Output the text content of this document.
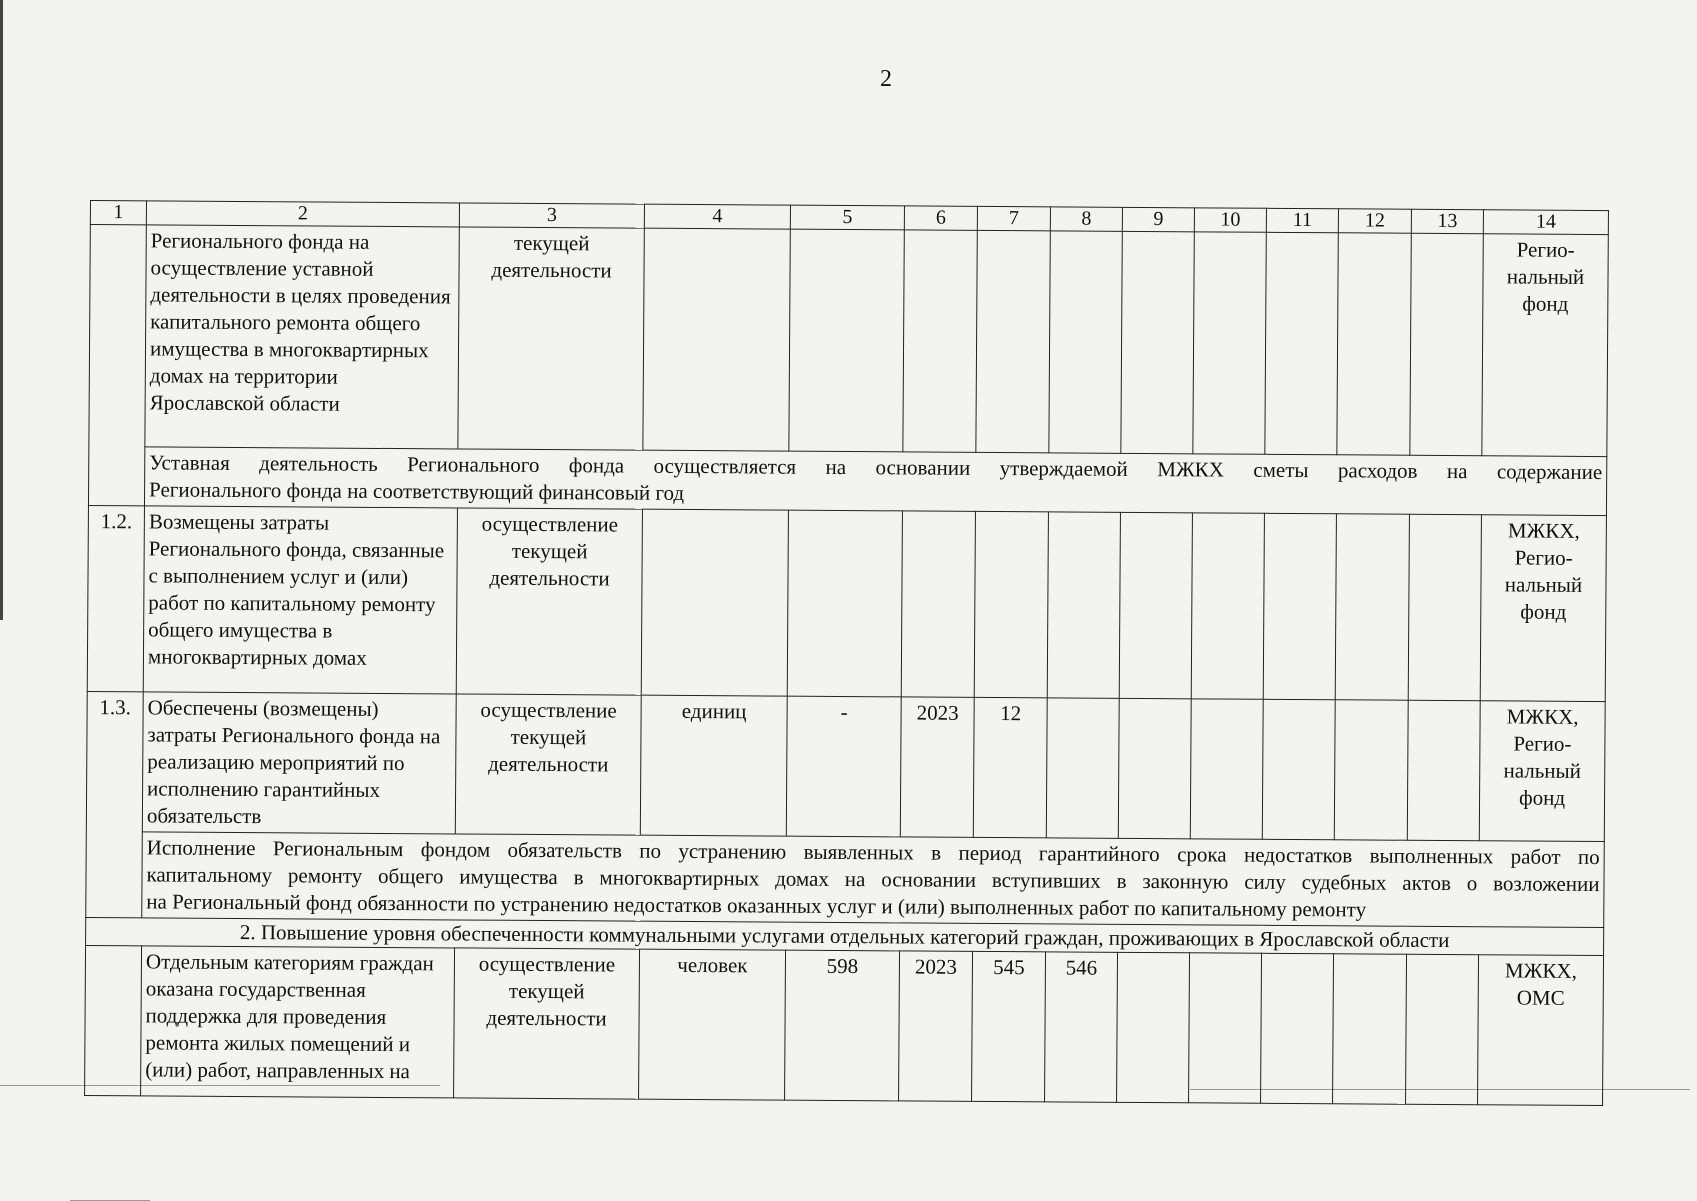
2
1	2	3	4	5	6	7	8	9	10	11	12	13	14
	Регионального фонда на осуществление уставной деятельности в целях проведения капитального ремонта общего имущества в многоквартирных домах на территории Ярославской области	текущей деятельности											Регио-нальный фонд

	Уставная деятельность Регионального фонда осуществляется на основании утверждаемой МЖКХ сметы расходов на содержание
Регионального фонда на соответствующий финансовый год												

1.2.	Возмещены затраты Регионального фонда, связанные с выполнением услуг и (или) работ по капитальному ремонту общего имущества в многоквартирных домах	осуществление текущей деятельности											МЖКХ, Регио-нальный фонд
1.3.	Обеспечены (возмещены) затраты Регионального фонда на реализацию мероприятий по исполнению гарантийных обязательств	осуществление текущей деятельности	единиц	-	2023	12							МЖКХ, Регио-нальный фонд

	Исполнение Региональным фондом обязательств по устранению выявленных в период гарантийного срока недостатков выполненных работ по
капитальному ремонту общего имущества в многоквартирных домах на основании вступивших в законную силу судебных актов о возложении
на Региональный фонд обязанности по устранению недостатков оказанных услуг и (или) выполненных работ по капитальному ремонту												

2. Повышение уровня обеспеченности коммунальными услугами отдельных категорий граждан, проживающих в Ярославской области													
	Отдельным категориям граждан оказана государственная поддержка для проведения ремонта жилых помещений и (или) работ, направленных на	осуществление текущей деятельности	человек	598	2023	545	546						МЖКХ, ОМС
